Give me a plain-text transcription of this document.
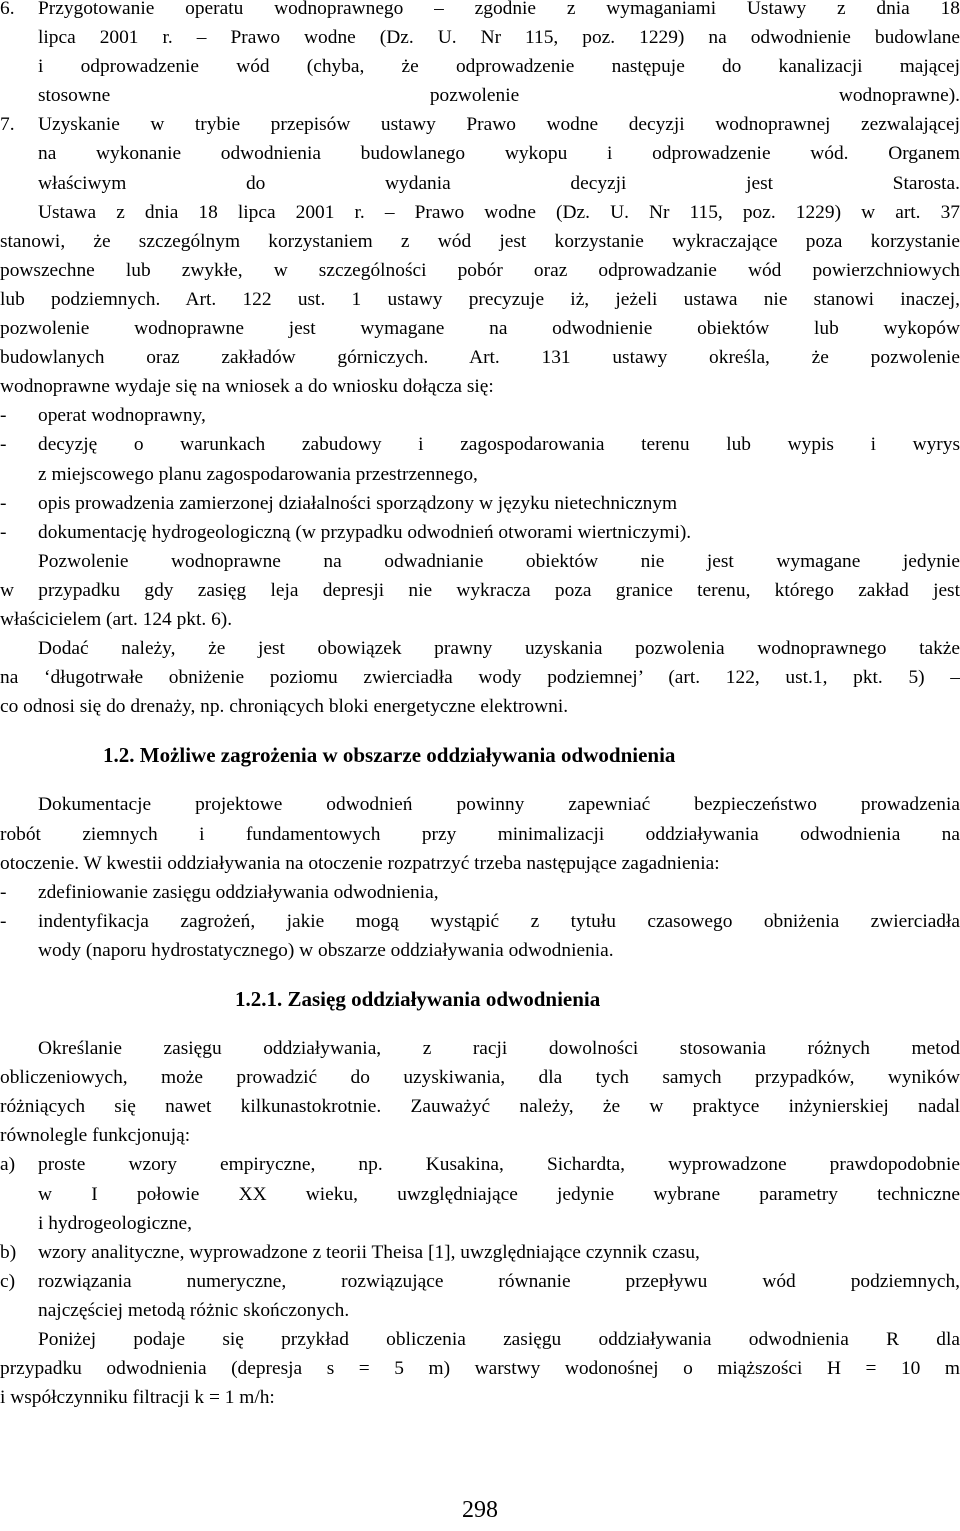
6. Przygotowanie operatu wodnoprawnego – zgodnie z wymaganiami Ustawy z dnia 18
lipca 2001 r. – Prawo wodne (Dz. U. Nr 115, poz. 1229) na odwodnienie budowlane
i odprowadzenie wód (chyba, że odprowadzenie następuje do kanalizacji mającej
stosowne pozwolenie wodnoprawne).
7. Uzyskanie w trybie przepisów ustawy Prawo wodne decyzji wodnoprawnej zezwalającej
na wykonanie odwodnienia budowlanego wykopu i odprowadzenie wód. Organem
właściwym do wydania decyzji jest Starosta.
Ustawa z dnia 18 lipca 2001 r. – Prawo wodne (Dz. U. Nr 115, poz. 1229) w art. 37
stanowi, że szczególnym korzystaniem z wód jest korzystanie wykraczające poza korzystanie
powszechne lub zwykłe, w szczególności pobór oraz odprowadzanie wód powierzchniowych
lub podziemnych. Art. 122 ust. 1 ustawy precyzuje iż, jeżeli ustawa nie stanowi inaczej,
pozwolenie wodnoprawne jest wymagane na odwodnienie obiektów lub wykopów
budowlanych oraz zakładów górniczych. Art. 131 ustawy określa, że pozwolenie
wodnoprawne wydaje się na wniosek a do wniosku dołącza się:
- operat wodnoprawny,
- decyzję o warunkach zabudowy i zagospodarowania terenu lub wypis i wyrys
z miejscowego planu zagospodarowania przestrzennego,
- opis prowadzenia zamierzonej działalności sporządzony w języku nietechnicznym
- dokumentację hydrogeologiczną (w przypadku odwodnień otworami wiertniczymi).
Pozwolenie wodnoprawne na odwadnianie obiektów nie jest wymagane jedynie
w przypadku gdy zasięg leja depresji nie wykracza poza granice terenu, którego zakład jest
właścicielem (art. 124 pkt. 6).
Dodać należy, że jest obowiązek prawny uzyskania pozwolenia wodnoprawnego także
na ‘długotrwałe obniżenie poziomu zwierciadła wody podziemnej’ (art. 122, ust.1, pkt. 5) –
co odnosi się do drenaży, np. chroniących bloki energetyczne elektrowni.
1.2. Możliwe zagrożenia w obszarze oddziaływania odwodnienia
Dokumentacje projektowe odwodnień powinny zapewniać bezpieczeństwo prowadzenia
robót ziemnych i fundamentowych przy minimalizacji oddziaływania odwodnienia na
otoczenie. W kwestii oddziaływania na otoczenie rozpatrzyć trzeba następujące zagadnienia:
- zdefiniowanie zasięgu oddziaływania odwodnienia,
- indentyfikacja zagrożeń, jakie mogą wystąpić z tytułu czasowego obniżenia zwierciadła
wody (naporu hydrostatycznego) w obszarze oddziaływania odwodnienia.
1.2.1. Zasięg oddziaływania odwodnienia
Określanie zasięgu oddziaływania, z racji dowolności stosowania różnych metod
obliczeniowych, może prowadzić do uzyskiwania, dla tych samych przypadków, wyników
różniących się nawet kilkunastokrotnie. Zauważyć należy, że w praktyce inżynierskiej nadal
równolegle funkcjonują:
a) proste wzory empiryczne, np. Kusakina, Sichardta, wyprowadzone prawdopodobnie
w I połowie XX wieku, uwzględniające jedynie wybrane parametry techniczne
i hydrogeologiczne,
b) wzory analityczne, wyprowadzone z teorii Theisa [1], uwzględniające czynnik czasu,
c) rozwiązania numeryczne, rozwiązujące równanie przepływu wód podziemnych,
najczęściej metodą różnic skończonych.
Poniżej podaje się przykład obliczenia zasięgu oddziaływania odwodnienia R dla
przypadku odwodnienia (depresja s = 5 m) warstwy wodonośnej o miąższości H = 10 m
i współczynniku filtracji k = 1 m/h:
298
